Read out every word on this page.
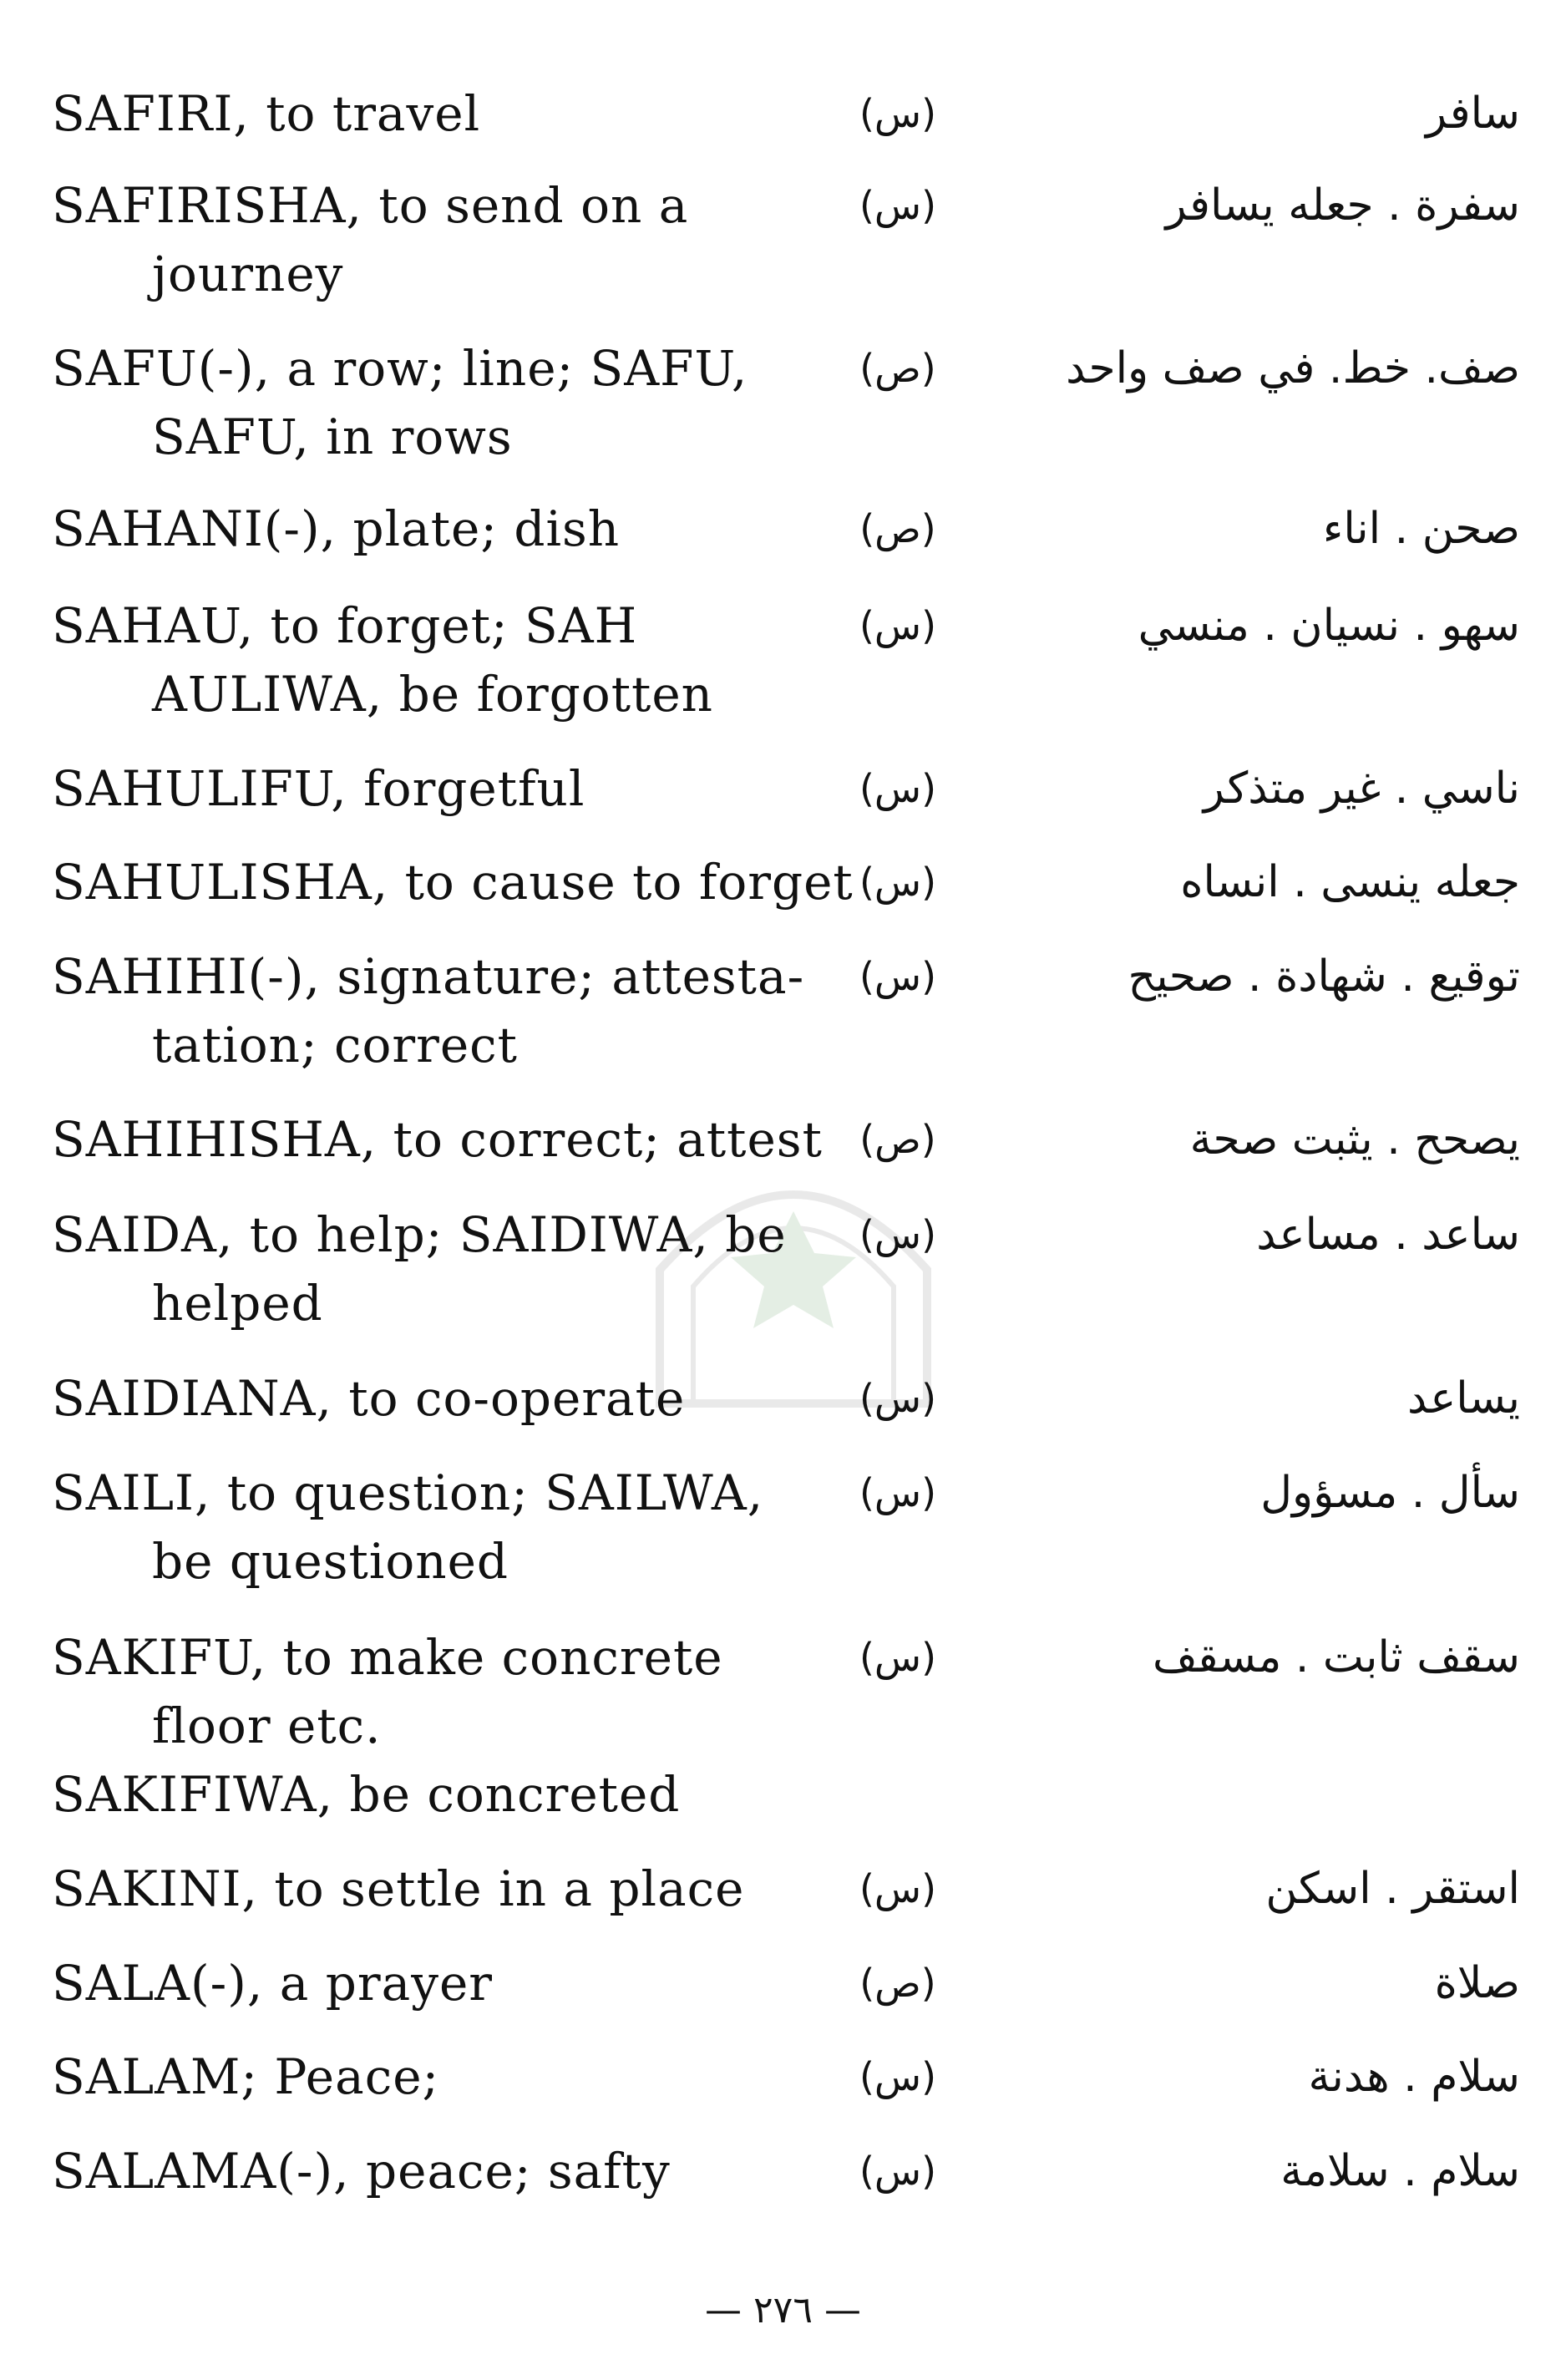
SAFIRI, to travel	(س)	سافر
SAFIRISHA, to send on a
journey
(س)	سفرة . جعله يسافر
SAFU(-), a row; line; SAFU,
SAFU, in rows
(ص)	صف. خط. في صف واحد
SAHANI(-), plate; dish	(ص)	صحن . اناء
SAHAU, to forget; SAH
AULIWA, be forgotten
(س)	سهو . نسيان . منسي
SAHULIFU, forgetful	(س)	ناسي . غير متذكر
SAHULISHA, to cause to forget (س)	جعله ينسى . انساه
SAHIHI(-), signature; attesta-
tation; correct
(س)	توقيع . شهادة . صحيح
SAHIHISHA, to correct; attest (ص)	يصحح . يثبت صحة
SAIDA, to help; SAIDIWA, be
helped
(س)	ساعد . مساعد
SAIDIANA, to co-operate	(س)	يساعد
SAILI, to question; SAILWA,
be questioned
(س)	سأل . مسؤول
SAKIFU, to make concrete
floor etc.
SAKIFIWA, be concreted
(س)	سقف ثابت . مسقف
SAKINI, to settle in a place	(س)	استقر . اسكن
SALA(-), a prayer	(ص)	صلاة
SALAM; Peace;	(س)	سلام . هدنة
SALAMA(-), peace; safty	(س)	سلام . سلامة
— ٢٧٦ —
